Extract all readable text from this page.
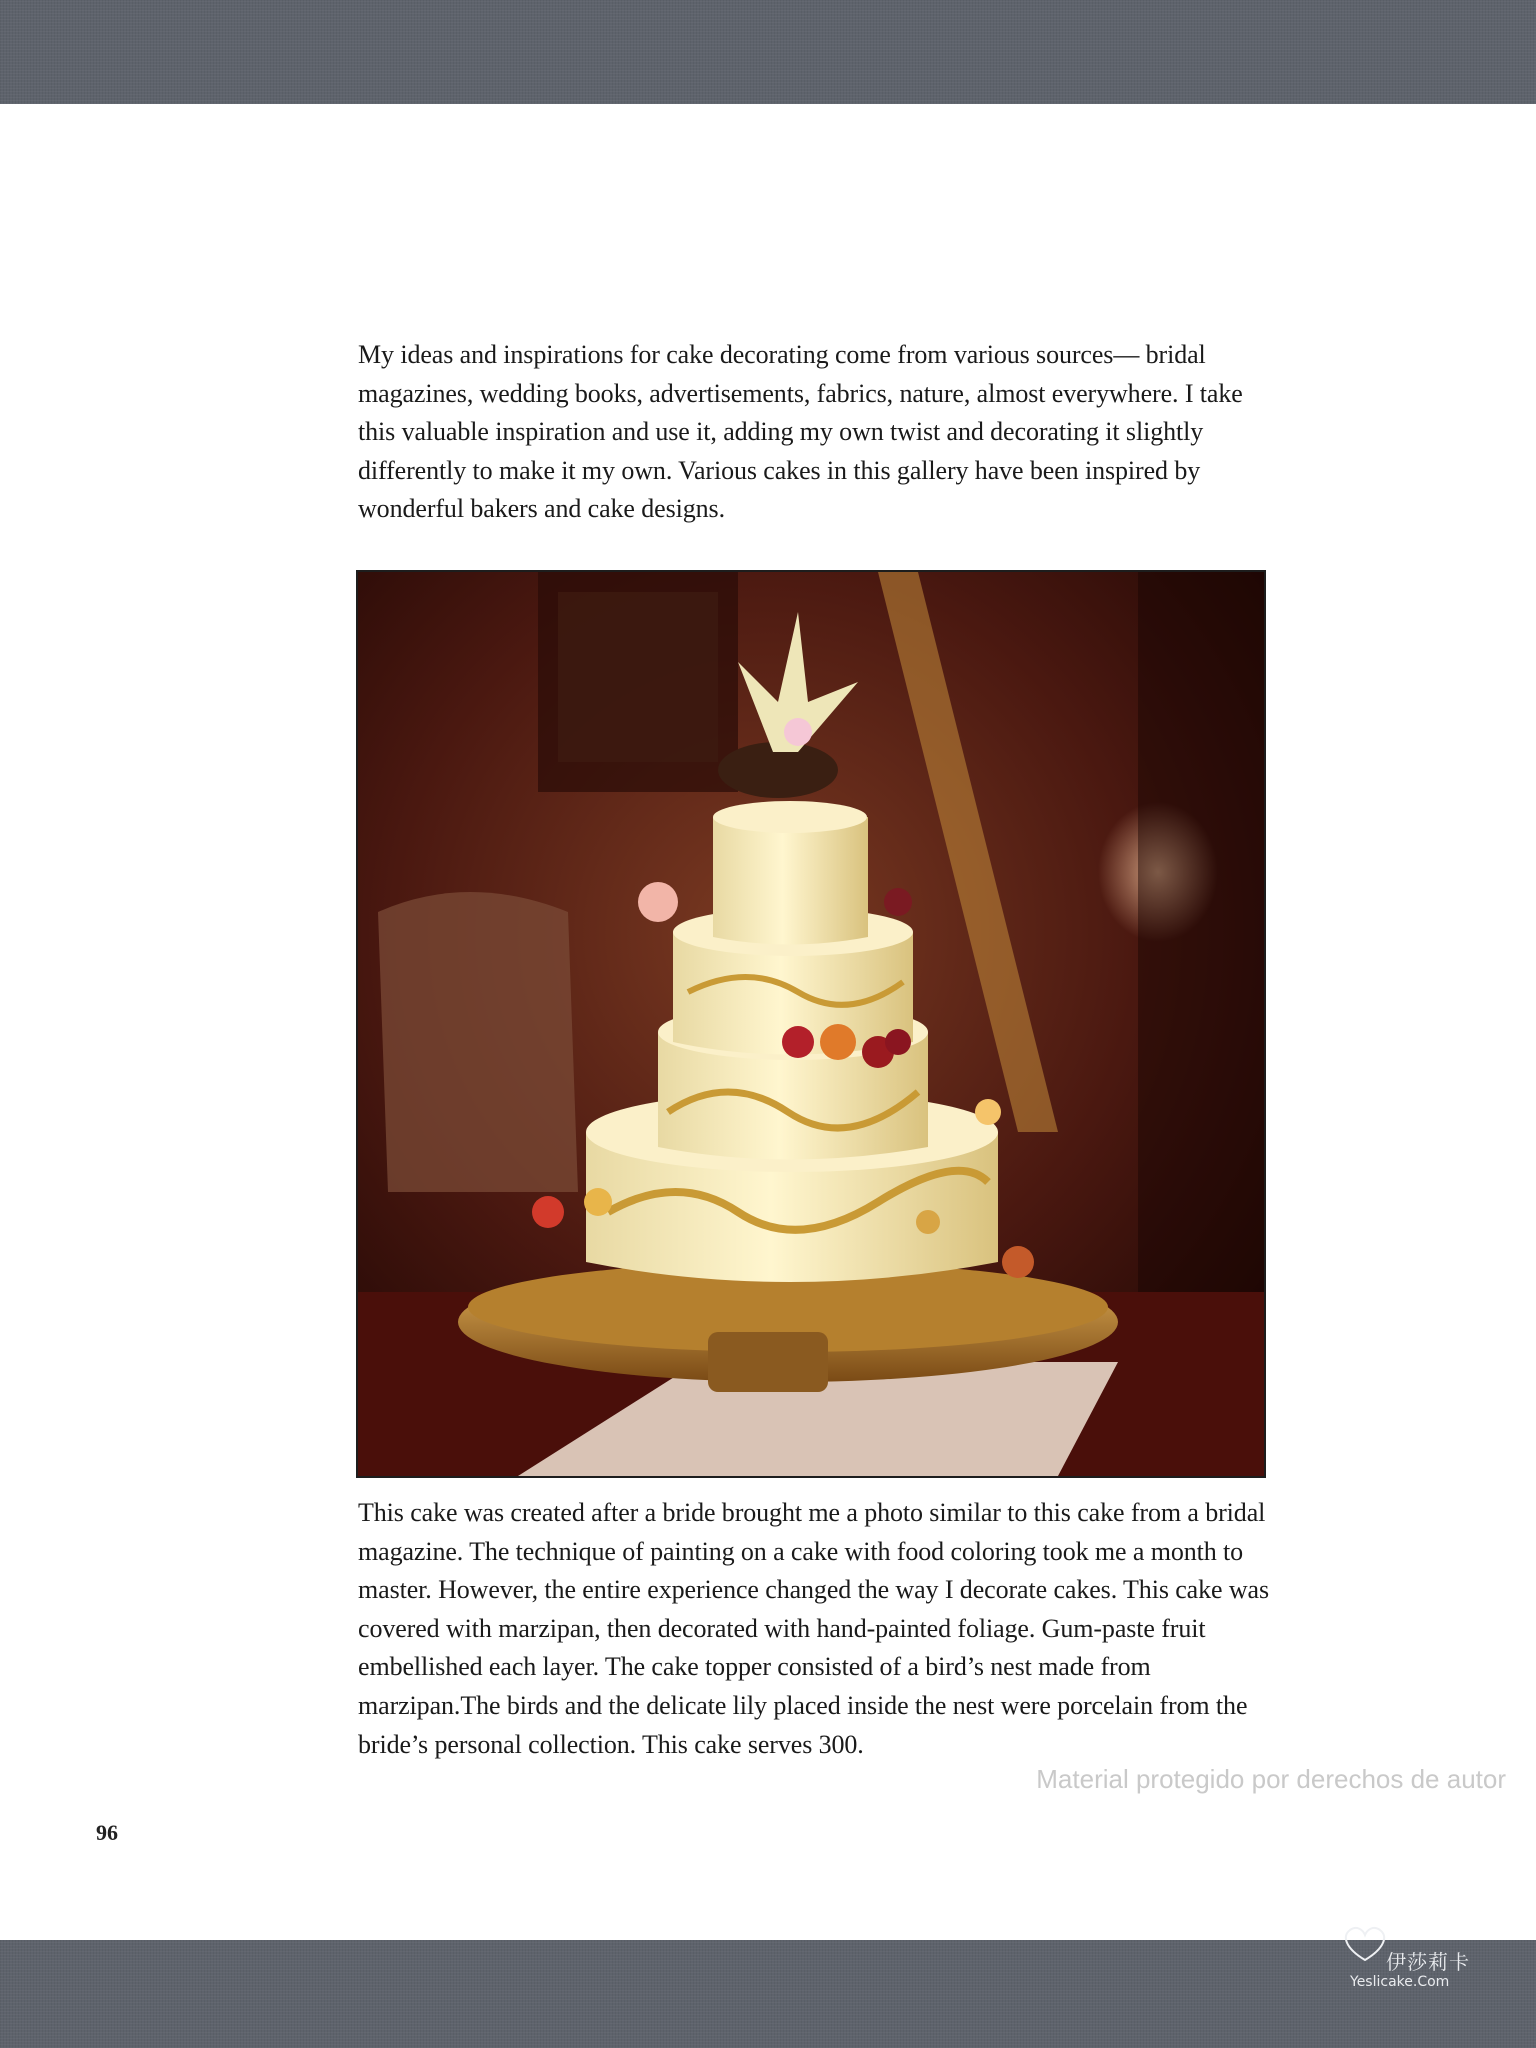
My ideas and inspirations for cake decorating come from various sources— bridal magazines, wedding books, advertisements, fabrics, nature, almost everywhere. I take this valuable inspiration and use it, adding my own twist and decorating it slightly differently to make it my own. Various cakes in this gallery have been inspired by wonderful bakers and cake designs.

This cake was created after a bride brought me a photo similar to this cake from a bridal magazine. The technique of painting on a cake with food coloring took me a month to master. However, the entire experience changed the way I decorate cakes. This cake was covered with marzipan, then decorated with hand-painted foliage. Gum-paste fruit embellished each layer. The cake topper consisted of a bird’s nest made from marzipan.The birds and the delicate lily placed inside the nest were porcelain from the bride’s personal collection. This cake serves 300.

96
Material protegido por derechos de autor
伊莎莉卡
Yeslicake.Com
